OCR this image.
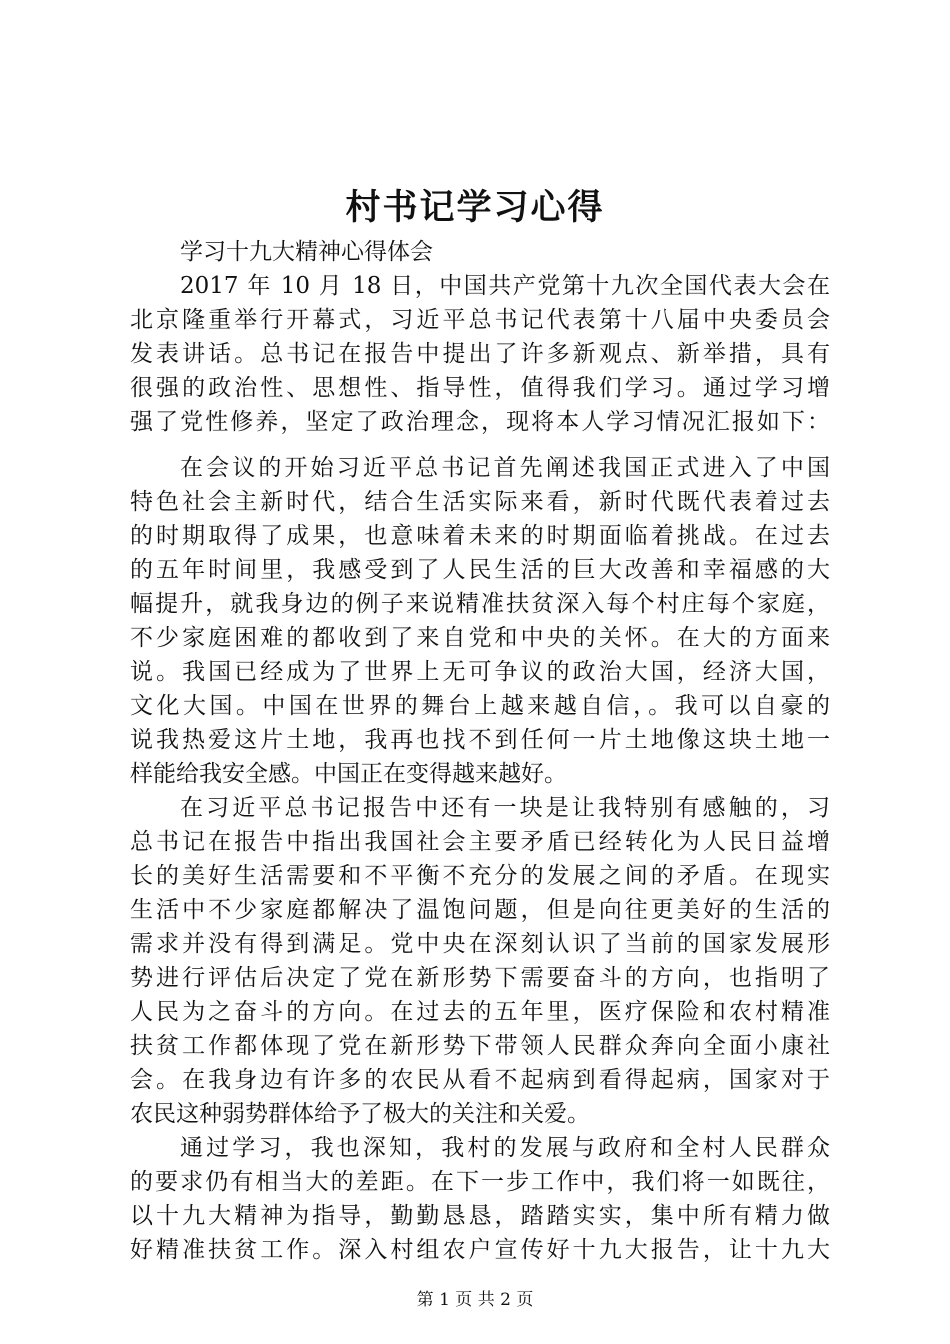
村书记学习心得
学习十九大精神心得体会
2017 年 10 月 18 日，中国共产党第十九次全国代表大会在
北京隆重举行开幕式，习近平总书记代表第十八届中央委员会
发表讲话。总书记在报告中提出了许多新观点、新举措，具有
很强的政治性、思想性、指导性，值得我们学习。通过学习增
强了党性修养，坚定了政治理念，现将本人学习情况汇报如下：
在会议的开始习近平总书记首先阐述我国正式进入了中国
特色社会主新时代，结合生活实际来看，新时代既代表着过去
的时期取得了成果，也意味着未来的时期面临着挑战。在过去
的五年时间里，我感受到了人民生活的巨大改善和幸福感的大
幅提升，就我身边的例子来说精准扶贫深入每个村庄每个家庭，
不少家庭困难的都收到了来自党和中央的关怀。在大的方面来
说。我国已经成为了世界上无可争议的政治大国，经济大国，
文化大国。中国在世界的舞台上越来越自信，。我可以自豪的
说我热爱这片土地，我再也找不到任何一片土地像这块土地一
样能给我安全感。中国正在变得越来越好。
在习近平总书记报告中还有一块是让我特别有感触的，习
总书记在报告中指出我国社会主要矛盾已经转化为人民日益增
长的美好生活需要和不平衡不充分的发展之间的矛盾。在现实
生活中不少家庭都解决了温饱问题，但是向往更美好的生活的
需求并没有得到满足。党中央在深刻认识了当前的国家发展形
势进行评估后决定了党在新形势下需要奋斗的方向，也指明了
人民为之奋斗的方向。在过去的五年里，医疗保险和农村精准
扶贫工作都体现了党在新形势下带领人民群众奔向全面小康社
会。在我身边有许多的农民从看不起病到看得起病，国家对于
农民这种弱势群体给予了极大的关注和关爱。
通过学习，我也深知，我村的发展与政府和全村人民群众
的要求仍有相当大的差距。在下一步工作中，我们将一如既往，
以十九大精神为指导，勤勤恳恳，踏踏实实，集中所有精力做
好精准扶贫工作。深入村组农户宣传好十九大报告，让十九大
第 1 页 共 2 页
